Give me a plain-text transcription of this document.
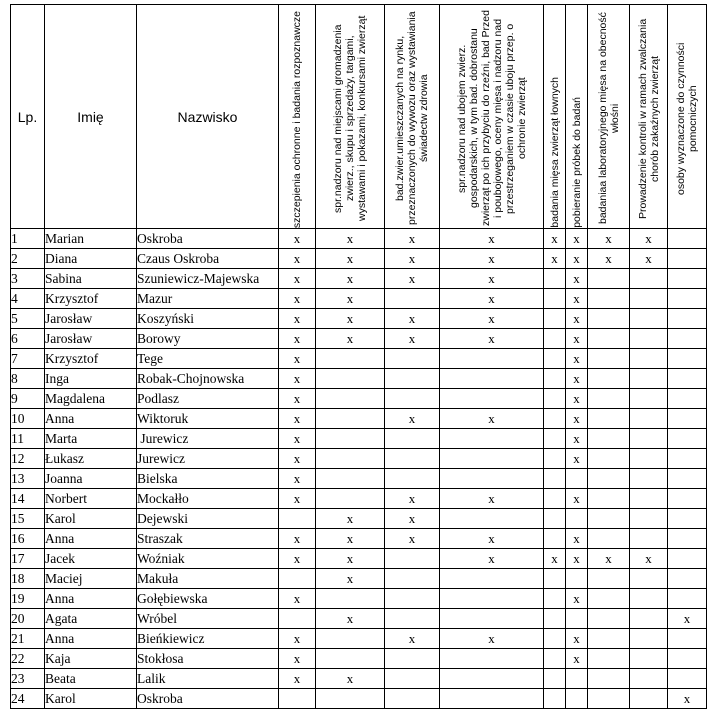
Lp.	Imię	Nazwisko	szczepienia ochronne i badania rozpoznawcze	spr.nadzoru nad miejscami gromadzenia zwierz., skupu i sprzedaży, targami, wystawami i pokazami, konkursami zwierząt	bad.zwier.umieszczanych na rynku, przeznaczonych do wywozu oraz wystawiania świadectw zdrowia	spr.nadzoru nad ubojem zwierz. gospodarskich, w tym bad. dobrostanu zwierząt po ich przybyciu do rzeźni, bad Przed i poubojowego, oceny mięsa i nadzoru nad przestrzeganiem w czasie uboju przep. o ochronie zwierząt	badania mięsa zwierząt łownych	pobieranie próbek do badań	badaniaa laboratoryjnego mięsa na obecność włośni	Prowadzenie kontroli w ramach zwalczania chorób zakaźnych zwierząt	osoby wyznaczone do czynności pomocniczych

1	Marian	Oskroba	x	x	x	x	x	x	x	x	
2	Diana	Czaus Oskroba	x	x	x	x	x	x	x	x	
3	Sabina	Szuniewicz-Majewska	x	x	x	x		x			
4	Krzysztof	Mazur	x	x		x		x			
5	Jarosław	Koszyński	x	x	x	x		x			
6	Jarosław	Borowy	x	x	x	x		x			
7	Krzysztof	Tege	x					x			
8	Inga	Robak-Chojnowska	x					x			
9	Magdalena	Podlasz	x					x			
10	Anna	Wiktoruk	x		x	x		x			
11	Marta	Jurewicz	x					x			
12	Łukasz	Jurewicz	x					x			
13	Joanna	Bielska	x								
14	Norbert	Mockałło	x		x	x		x			
15	Karol	Dejewski		x	x						
16	Anna	Straszak	x	x	x	x		x			
17	Jacek	Woźniak	x	x		x	x	x	x	x	
18	Maciej	Makuła		x							
19	Anna	Gołębiewska	x					x			
20	Agata	Wróbel		x							x
21	Anna	Bieńkiewicz	x		x	x		x			
22	Kaja	Stokłosa	x					x			
23	Beata	Lalik	x	x							
24	Karol	Oskroba									x
